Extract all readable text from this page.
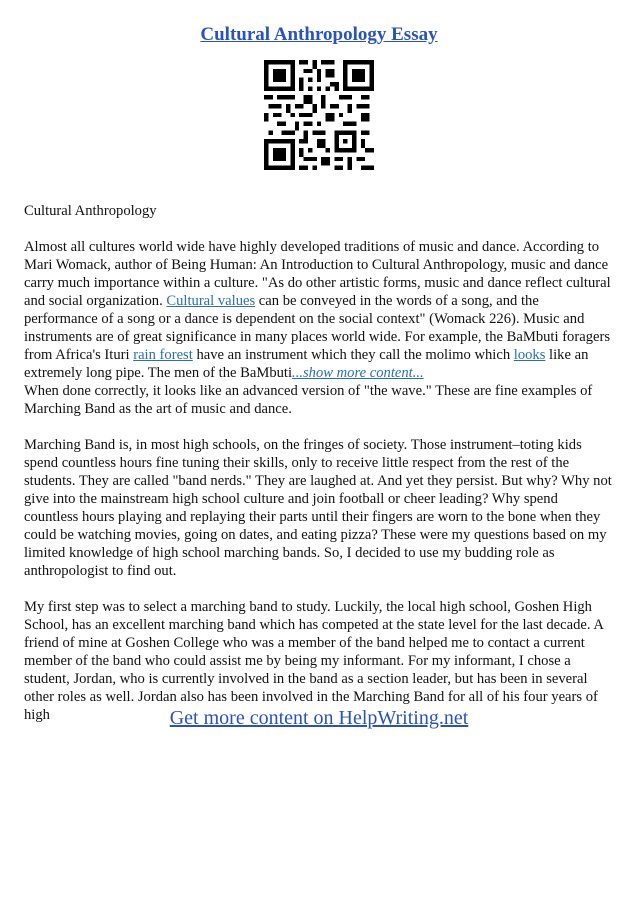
Cultural Anthropology Essay

Cultural Anthropology

Almost all cultures world wide have highly developed traditions of music and dance. According to Mari Womack, author of Being Human: An Introduction to Cultural Anthropology, music and dance carry much importance within a culture. "As do other artistic forms, music and dance reflect cultural and social organization. Cultural values can be conveyed in the words of a song, and the performance of a song or a dance is dependent on the social context" (Womack 226). Music and instruments are of great significance in many places world wide. For example, the BaMbuti foragers from Africa's Ituri rain forest have an instrument which they call the molimo which looks like an extremely long pipe. The men of the BaMbuti...show more content...
When done correctly, it looks like an advanced version of "the wave." These are fine examples of Marching Band as the art of music and dance.

Marching Band is, in most high schools, on the fringes of society. Those instrument–toting kids spend countless hours fine tuning their skills, only to receive little respect from the rest of the students. They are called "band nerds." They are laughed at. And yet they persist. But why? Why not give into the mainstream high school culture and join football or cheer leading? Why spend countless hours playing and replaying their parts until their fingers are worn to the bone when they could be watching movies, going on dates, and eating pizza? These were my questions based on my limited knowledge of high school marching bands. So, I decided to use my budding role as anthropologist to find out.

My first step was to select a marching band to study. Luckily, the local high school, Goshen High School, has an excellent marching band which has competed at the state level for the last decade. A friend of mine at Goshen College who was a member of the band helped me to contact a current member of the band who could assist me by being my informant. For my informant, I chose a student, Jordan, who is currently involved in the band as a section leader, but has been in several other roles as well. Jordan also has been involved in the Marching Band for all of his four years of high	Get more content on HelpWriting.net
